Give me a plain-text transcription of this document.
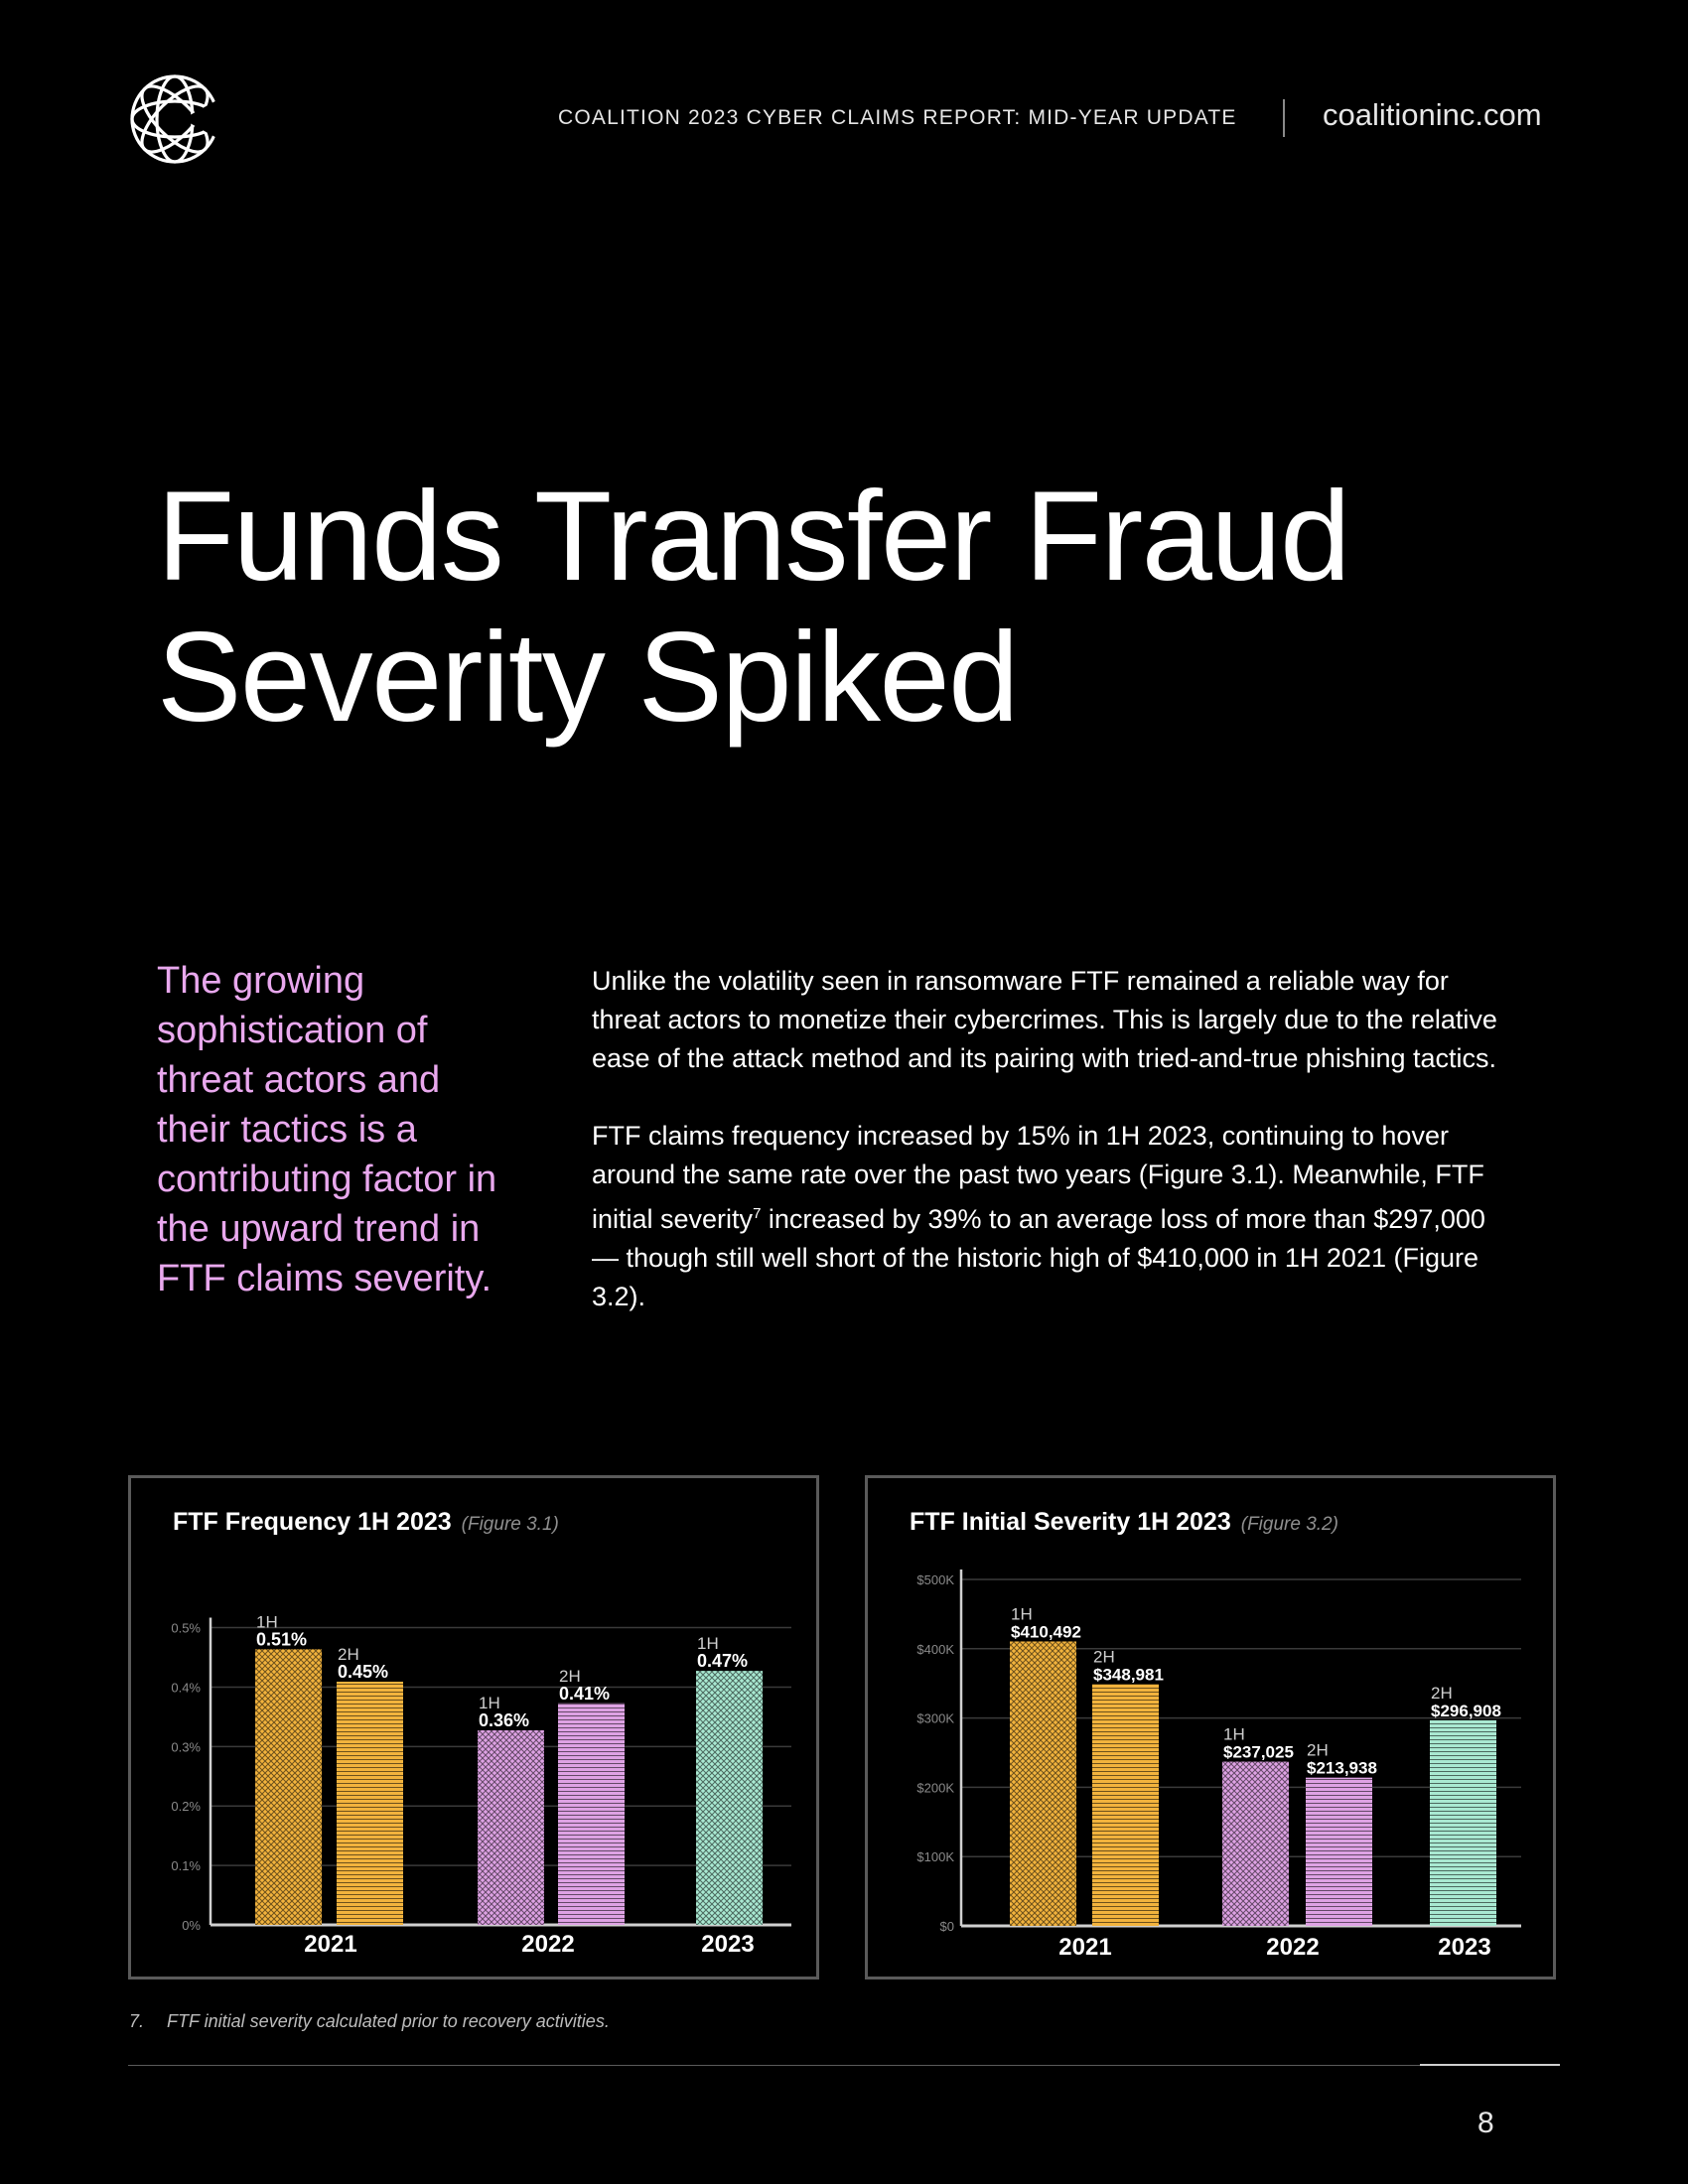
COALITION 2023 CYBER CLAIMS REPORT: MID-YEAR UPDATE	coalitioninc.com
Funds Transfer Fraud
Severity Spiked

The growing sophistication of threat actors and their tactics is a contributing factor in the upward trend in FTF claims severity.

Unlike the volatility seen in ransomware FTF remained a reliable way for threat actors to monetize their cybercrimes. This is largely due to the relative ease of the attack method and its pairing with tried-and-true phishing tactics.

FTF claims frequency increased by 15% in 1H 2023, continuing to hover around the same rate over the past two years (Figure 3.1). Meanwhile, FTF initial severity$^7$ increased by 39% to an average loss of more than $297,000 — though still well short of the historic high of $410,000 in 1H 2021 (Figure 3.2).

FTF Frequency 1H 2023 (Figure 3.1)
0%
0.1%
0.2%
0.3%
0.4%
0.5%	1H
0.51%
2H
0.45%
1H
0.36%
2H
0.41%
1H
0.47%
2021	2022	2023
FTF Initial Severity 1H 2023 (Figure 3.2)
$0
$100K
$200K
$300K
$400K
$500K
1H
$410,492
2H
$348,981
1H
$237,025 2H
$213,938
2H
$296,908
2021	2022	2023
7. FTF initial severity calculated prior to recovery activities.
8
